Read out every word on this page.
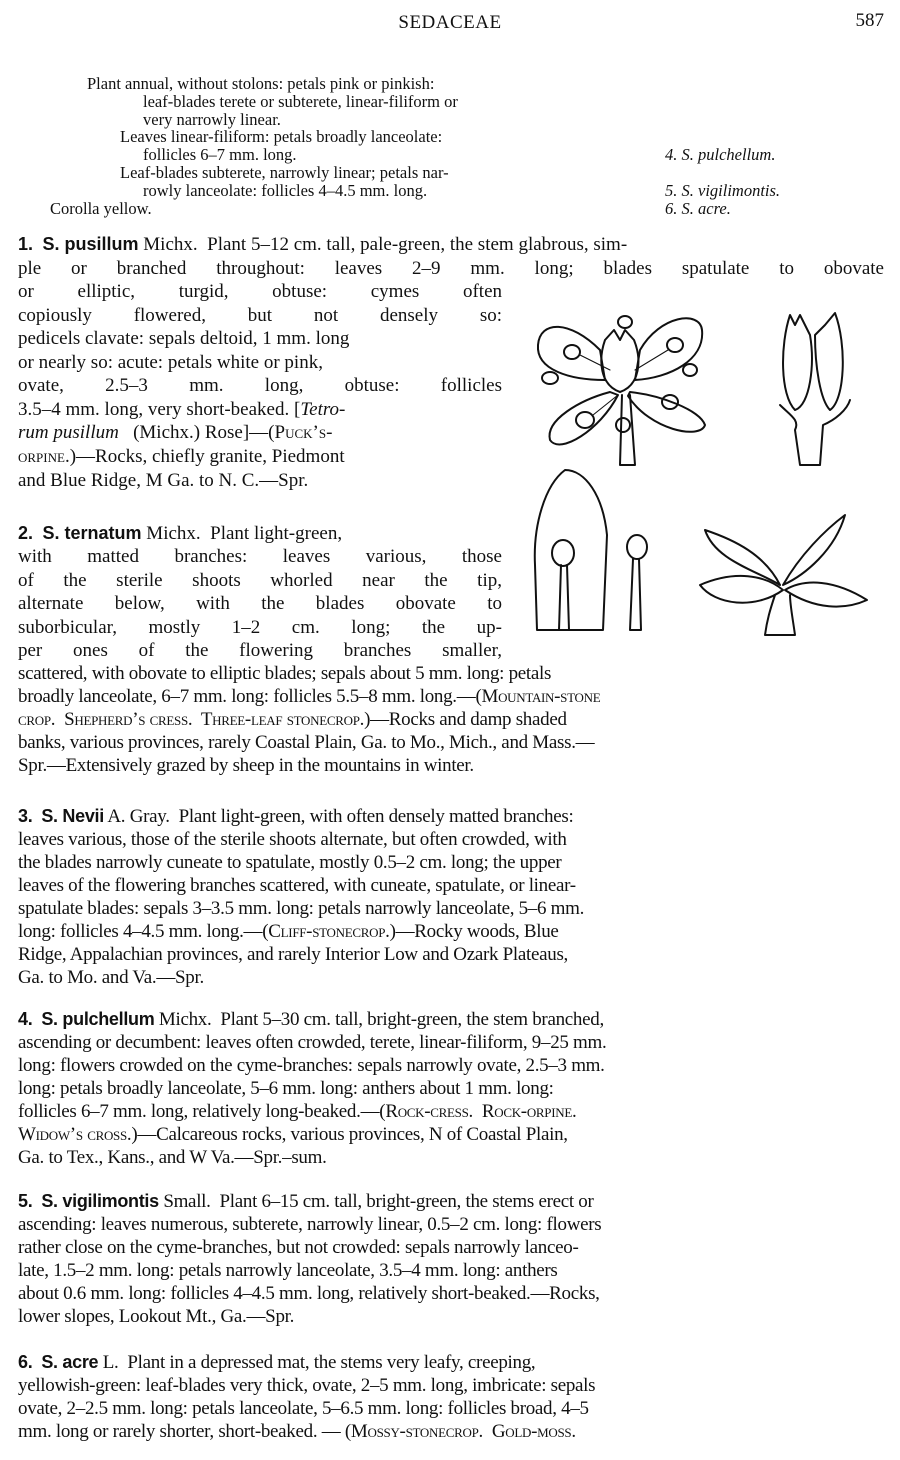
SEDACEAE	587
Plant annual, without stolons: petals pink or pinkish:
leaf-blades terete or subterete, linear-filiform or
very narrowly linear.
Leaves linear-filiform: petals broadly lanceolate:
follicles 6–7 mm. long.	4. S. pulchellum.
Leaf-blades subterete, narrowly linear; petals nar-
rowly lanceolate: follicles 4–4.5 mm. long.	5. S. vigilimontis.
Corolla yellow.	6. S. acre.
1. S. pusillum Michx. Plant 5–12 cm. tall, pale-green, the stem glabrous, sim-
ple or branched throughout: leaves 2–9 mm. long; blades spatulate to obovate
or elliptic, turgid, obtuse: cymes often
copiously flowered, but not densely so:
pedicels clavate: sepals deltoid, 1 mm. long
or nearly so: acute: petals white or pink,
ovate, 2.5–3 mm. long, obtuse: follicles
3.5–4 mm. long, very short-beaked. [Tetro-
rum pusillum (Michx.) Rose]—(Puck’s-
orpine.)—Rocks, chiefly granite, Piedmont
and Blue Ridge, M Ga. to N. C.—Spr.
2. S. ternatum Michx. Plant light-green,
with matted branches: leaves various, those
of the sterile shoots whorled near the tip,
alternate below, with the blades obovate to
suborbicular, mostly 1–2 cm. long; the up-
per ones of the flowering branches smaller,
scattered, with obovate to elliptic blades; sepals about 5 mm. long: petals
broadly lanceolate, 6–7 mm. long: follicles 5.5–8 mm. long.—(Mountain-stone
crop.  Shepherd’s cress.  Three-leaf stonecrop.)—Rocks and damp shaded
banks, various provinces, rarely Coastal Plain, Ga. to Mo., Mich., and Mass.—
Spr.—Extensively grazed by sheep in the mountains in winter.
3. S. Nevii A. Gray. Plant light-green, with often densely matted branches:
leaves various, those of the sterile shoots alternate, but often crowded, with
the blades narrowly cuneate to spatulate, mostly 0.5–2 cm. long; the upper
leaves of the flowering branches scattered, with cuneate, spatulate, or linear-
spatulate blades: sepals 3–3.5 mm. long: petals narrowly lanceolate, 5–6 mm.
long: follicles 4–4.5 mm. long.—(Cliff-stonecrop.)—Rocky woods, Blue
Ridge, Appalachian provinces, and rarely Interior Low and Ozark Plateaus,
Ga. to Mo. and Va.—Spr.
4. S. pulchellum Michx. Plant 5–30 cm. tall, bright-green, the stem branched,
ascending or decumbent: leaves often crowded, terete, linear-filiform, 9–25 mm.
long: flowers crowded on the cyme-branches: sepals narrowly ovate, 2.5–3 mm.
long: petals broadly lanceolate, 5–6 mm. long: anthers about 1 mm. long:
follicles 6–7 mm. long, relatively long-beaked.—(Rock-cress.  Rock-orpine.
Widow’s cross.)—Calcareous rocks, various provinces, N of Coastal Plain,
Ga. to Tex., Kans., and W Va.—Spr.–sum.
5. S. vigilimontis Small. Plant 6–15 cm. tall, bright-green, the stems erect or
ascending: leaves numerous, subterete, narrowly linear, 0.5–2 cm. long: flowers
rather close on the cyme-branches, but not crowded: sepals narrowly lanceo-
late, 1.5–2 mm. long: petals narrowly lanceolate, 3.5–4 mm. long: anthers
about 0.6 mm. long: follicles 4–4.5 mm. long, relatively short-beaked.—Rocks,
lower slopes, Lookout Mt., Ga.—Spr.
6. S. acre L. Plant in a depressed mat, the stems very leafy, creeping,
yellowish-green: leaf-blades very thick, ovate, 2–5 mm. long, imbricate: sepals
ovate, 2–2.5 mm. long: petals lanceolate, 5–6.5 mm. long: follicles broad, 4–5
mm. long or rarely shorter, short-beaked. — (Mossy-stonecrop.  Gold-moss.
